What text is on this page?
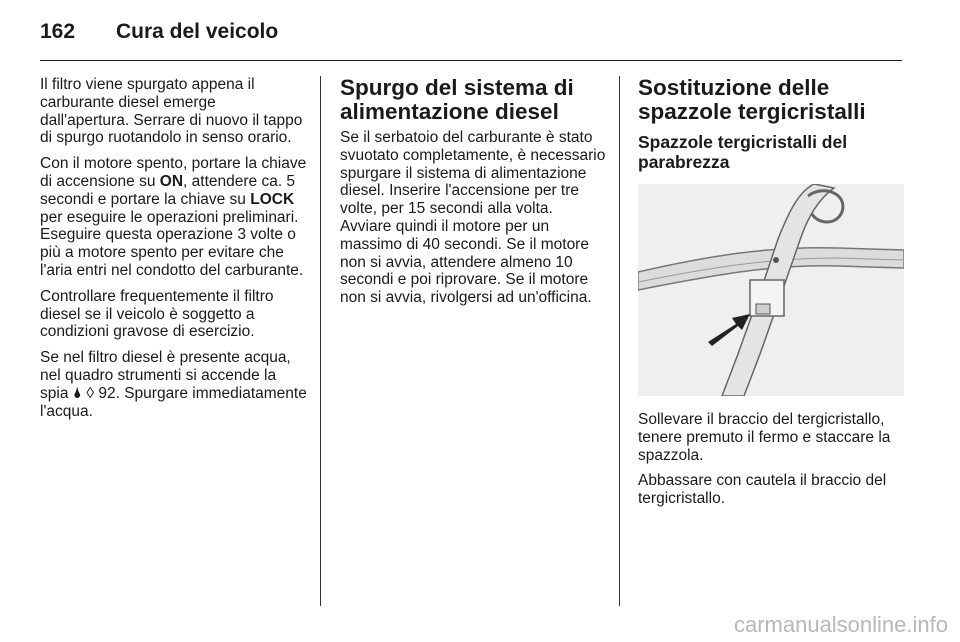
162 Cura del veicolo

Il filtro viene spurgato appena il carburante diesel emerge dall'apertura. Serrare di nuovo il tappo di spurgo ruotandolo in senso orario.

Con il motore spento, portare la chiave di accensione su ON, attendere ca. 5 secondi e portare la chiave su LOCK per eseguire le operazioni preliminari. Eseguire questa operazione 3 volte o più a motore spento per evitare che l'aria entri nel condotto del carburante.

Controllare frequentemente il filtro diesel se il veicolo è soggetto a condizioni gravose di esercizio.

Se nel filtro diesel è presente acqua, nel quadro strumenti si accende la spia 🌢 ◊ 92. Spurgare immediatamente l'acqua.

Spurgo del sistema di alimentazione diesel

Se il serbatoio del carburante è stato svuotato completamente, è necessario spurgare il sistema di alimentazione diesel. Inserire l'accensione per tre volte, per 15 secondi alla volta. Avviare quindi il motore per un massimo di 40 secondi. Se il motore non si avvia, attendere almeno 10 secondi e poi riprovare. Se il motore non si avvia, rivolgersi ad un'officina.

Sostituzione delle spazzole tergicristalli
Spazzole tergicristalli del parabrezza

Sollevare il braccio del tergicristallo, tenere premuto il fermo e staccare la spazzola.

Abbassare con cautela il braccio del tergicristallo.

carmanualsonline.info
